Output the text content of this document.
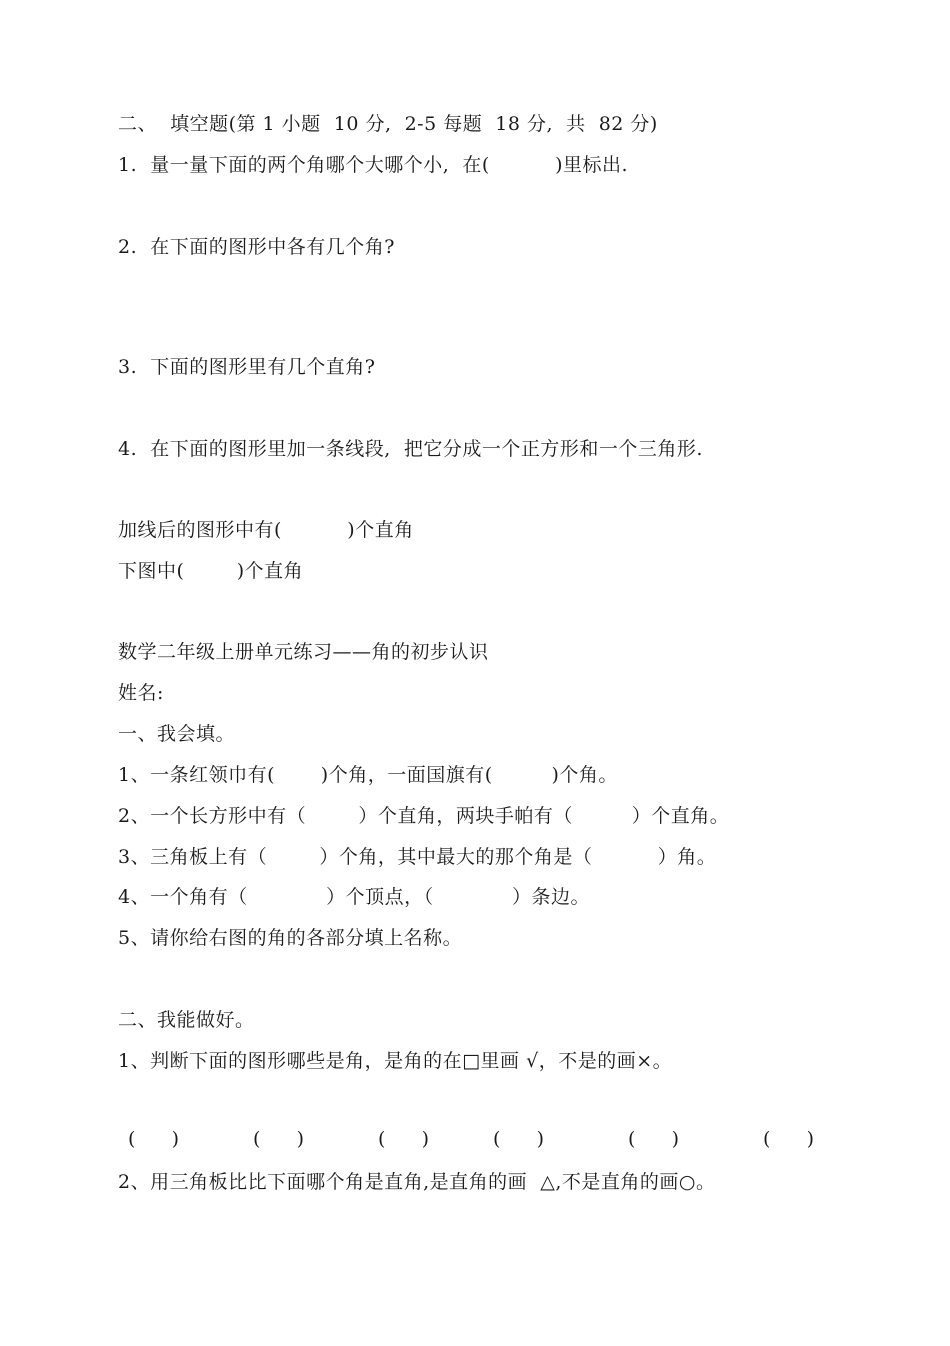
二、  填空题(第 1 小题  10 分,  2-5 每题  18 分,  共  82 分)
1.  量一量下面的两个角哪个大哪个小,  在(          )里标出.
2.  在下面的图形中各有几个角?
3.  下面的图形里有几个直角?
4.  在下面的图形里加一条线段,  把它分成一个正方形和一个三角形.
加线后的图形中有(          )个直角
下图中(        )个直角
数学二年级上册单元练习——角的初步认识
姓名:
一、我会填。
1、一条红领巾有(       )个角，一面国旗有(         )个角。
2、一个长方形中有（        ）个直角，两块手帕有（         ）个直角。
3、三角板上有（        ）个角，其中最大的那个角是（          ）角。
4、一个角有（            ）个顶点，（            ）条边。
5、请你给右图的角的各部分填上名称。
二、我能做好。
1、判断下面的图形哪些是角，是角的在□里画 √，不是的画×。
(      )	(      )	(      )	(      )	(      )	(      )
2、用三角板比比下面哪个角是直角,是直角的画  △,不是直角的画○。
